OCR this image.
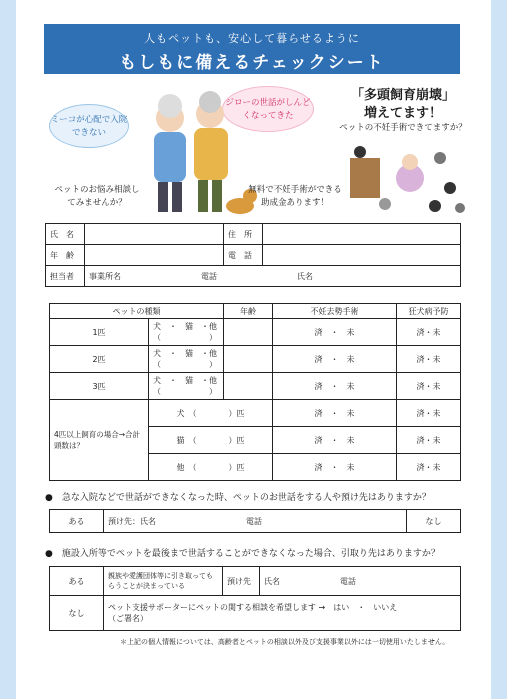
人もペットも、安心して暮らせるように
もしもに備えるチェックシート
ミーコが心配で入院できない
ジローの世話がしんどくなってきた
ペットのお悩み相談してみませんか？
無料で不妊手術ができる助成金あります！
「多頭飼育崩壊」
増えてます！
ペットの不妊手術できてますか？
氏　名		住　所	
年　齢		電　話	
担当者	事業所名 電話 氏名		
ペットの種類		年齢	不妊去勢手術	狂犬病予防
1匹	犬　・　猫　・他（　　　　　　）		済　・　未	済・未
2匹	犬　・　猫　・他（　　　　　　）		済　・　未	済・未
3匹	犬　・　猫　・他（　　　　　　）		済　・　未	済・未
4匹以上飼育の場合→合計頭数は？	犬　（　　　　）匹		済　・　未	済・未
	猫　（　　　　）匹		済　・　未	済・未
	他　（　　　　）匹		済　・　未	済・未
●　急な入院などで世話ができなくなった時、ペットのお世話をする人や預け先はありますか？
ある	預け先：氏名	電話	なし
●　施設入所等でペットを最後まで世話することができなくなった場合、引取り先はありますか？
ある	親族や愛護団体等に引き取ってもらうことが決まっている	預け先	氏名 電話
なし	ペット支援サポーターにペットの関する相談を希望します →　はい　・　いいえ
（ご署名）		
＊上記の個人情報については、高齢者とペットの相談以外及び支援事業以外には一切使用いたしません。
